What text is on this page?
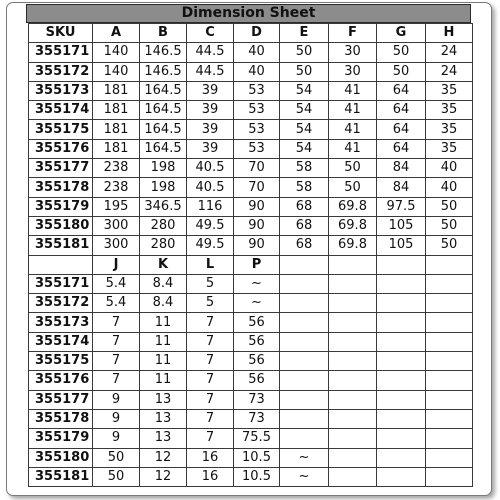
Dimension Sheet
SKU	A	B	C	D	E	F	G	H
355171	140	146.5	44.5	40	50	30	50	24
355172	140	146.5	44.5	40	50	30	50	24
355173	181	164.5	39	53	54	41	64	35
355174	181	164.5	39	53	54	41	64	35
355175	181	164.5	39	53	54	41	64	35
355176	181	164.5	39	53	54	41	64	35
355177	238	198	40.5	70	58	50	84	40
355178	238	198	40.5	70	58	50	84	40
355179	195	346.5	116	90	68	69.8	97.5	50
355180	300	280	49.5	90	68	69.8	105	50
355181	300	280	49.5	90	68	69.8	105	50
	J	K	L	P				
355171	5.4	8.4	5	~				
355172	5.4	8.4	5	~				
355173	7	11	7	56				
355174	7	11	7	56				
355175	7	11	7	56				
355176	7	11	7	56				
355177	9	13	7	73				
355178	9	13	7	73				
355179	9	13	7	75.5				
355180	50	12	16	10.5	~			
355181	50	12	16	10.5	~			
